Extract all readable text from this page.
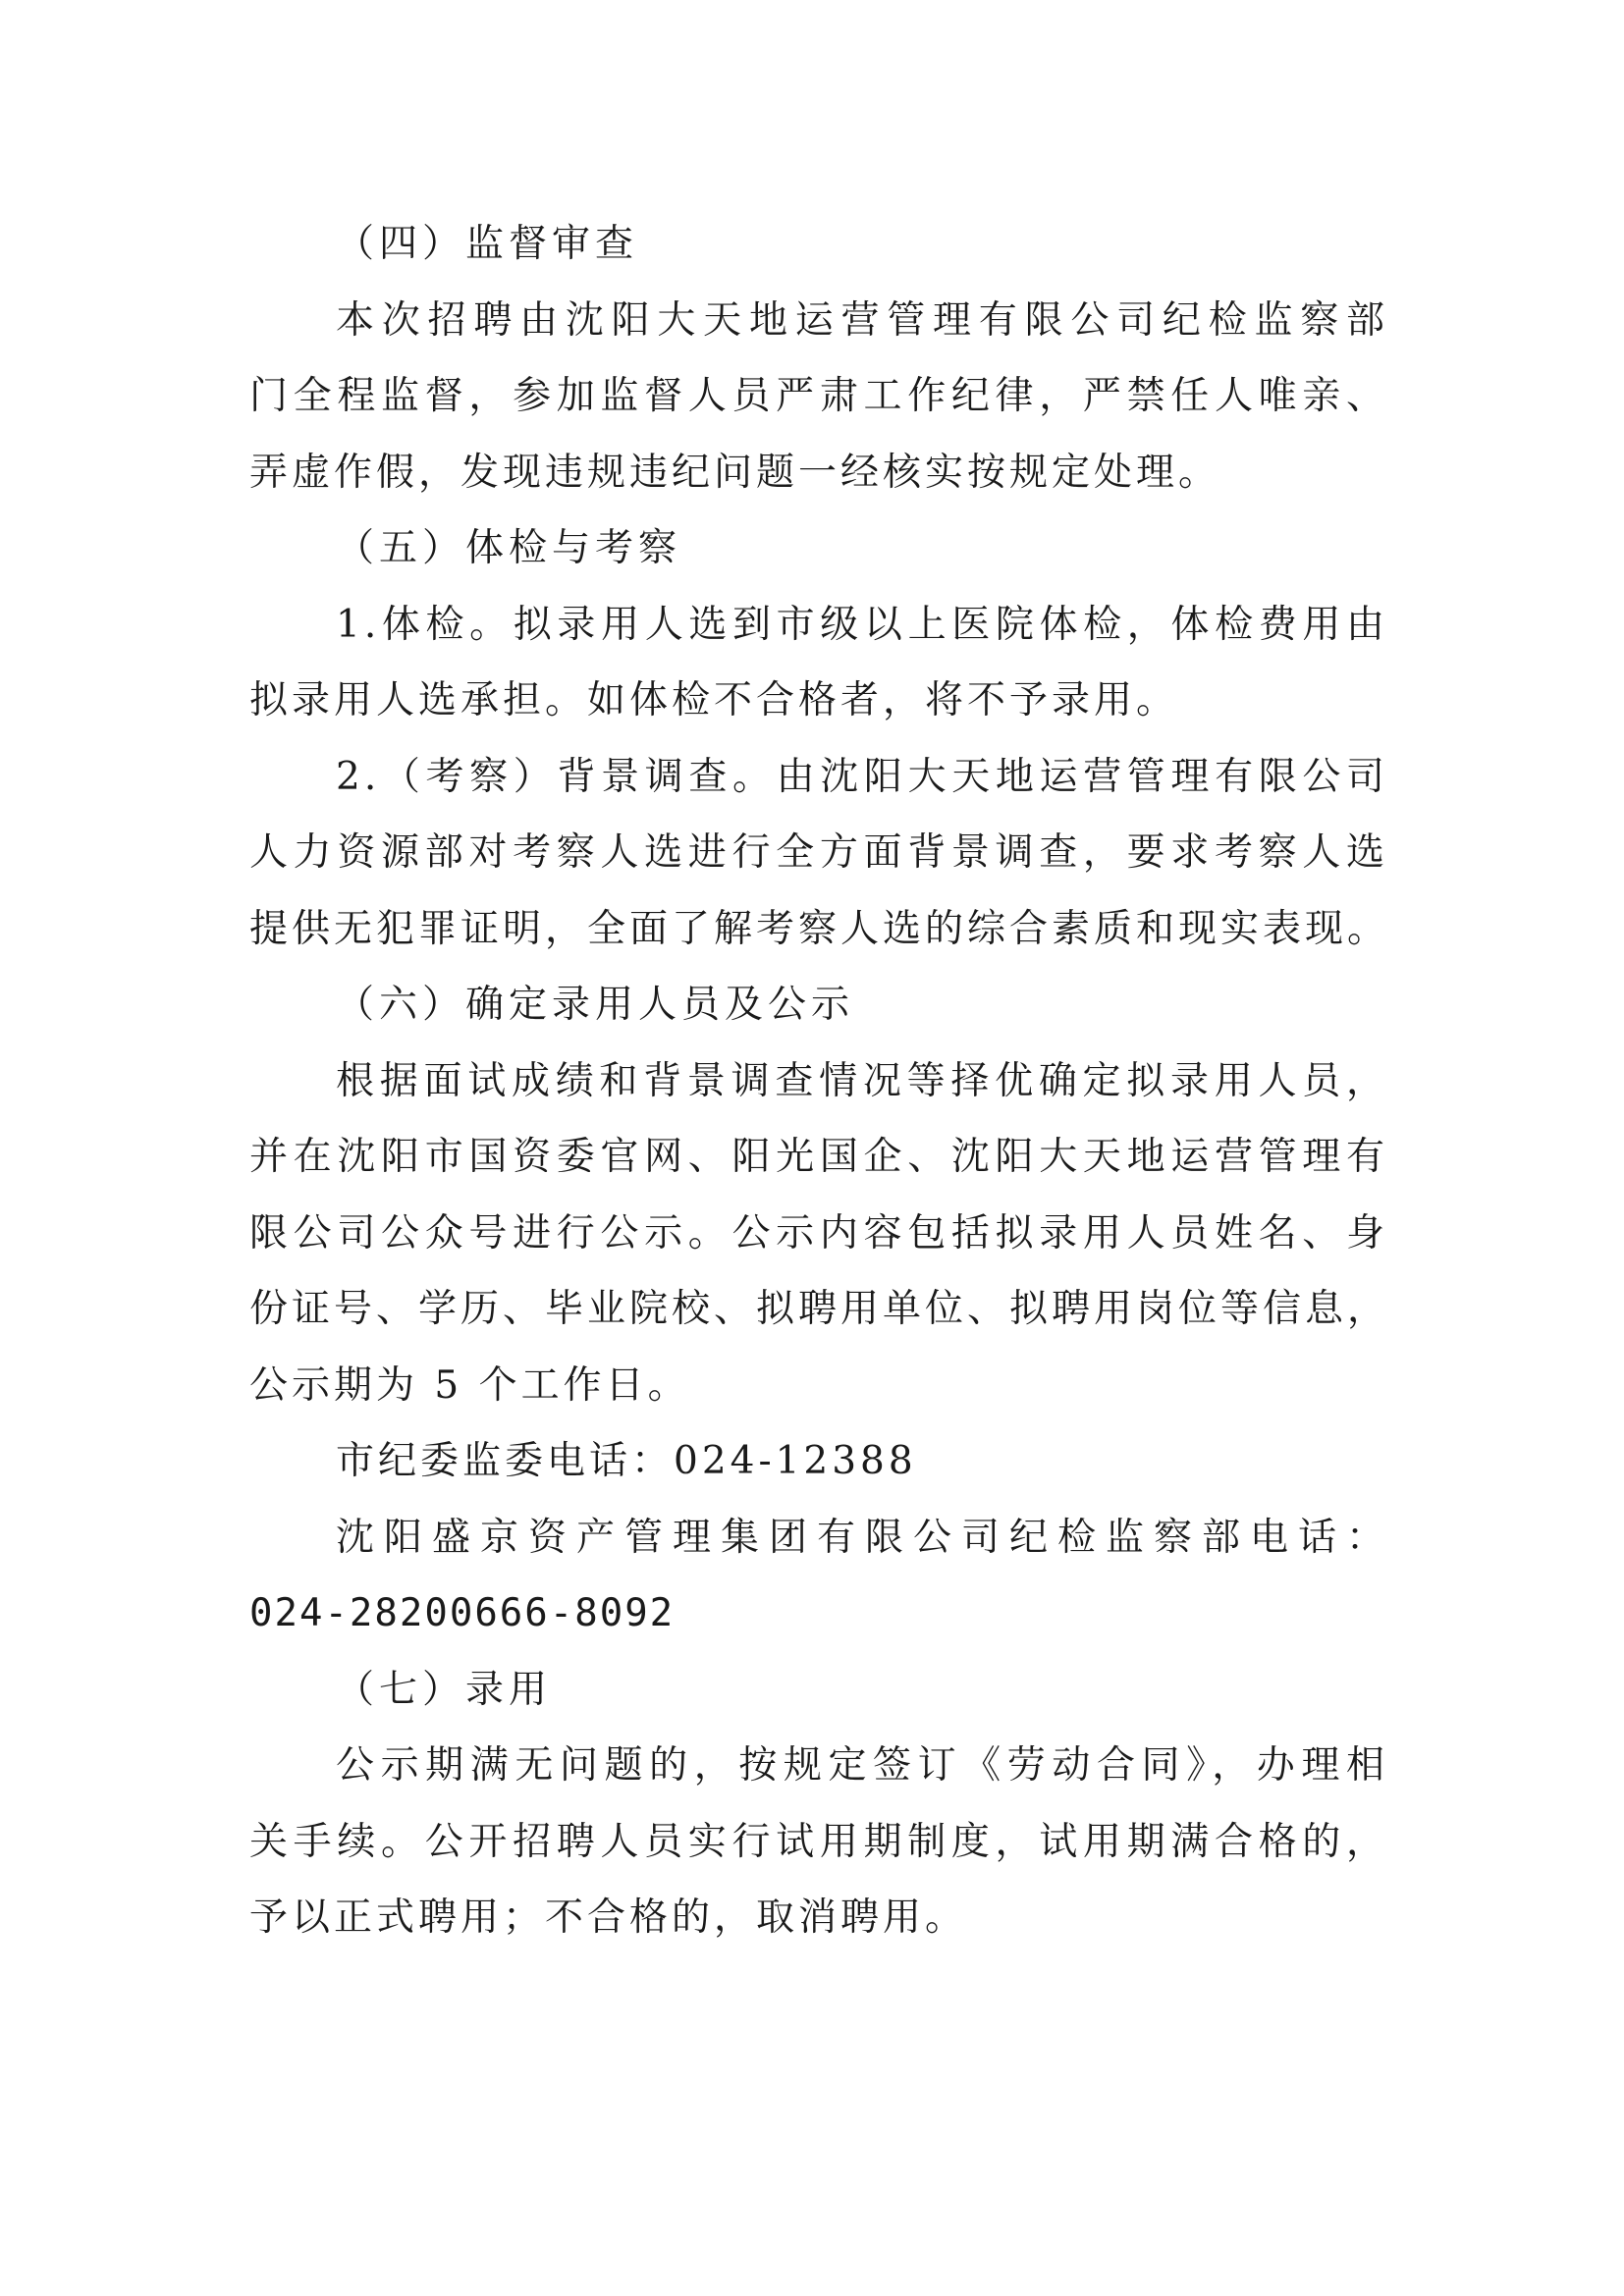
（四）监督审查
本次招聘由沈阳大天地运营管理有限公司纪检监察部
门全程监督，参加监督人员严肃工作纪律，严禁任人唯亲、
弄虚作假，发现违规违纪问题一经核实按规定处理。
（五）体检与考察
1.体检。拟录用人选到市级以上医院体检，体检费用由
拟录用人选承担。如体检不合格者，将不予录用。
2.（考察）背景调查。由沈阳大天地运营管理有限公司
人力资源部对考察人选进行全方面背景调查，要求考察人选
提供无犯罪证明，全面了解考察人选的综合素质和现实表现。
（六）确定录用人员及公示
根据面试成绩和背景调查情况等择优确定拟录用人员，
并在沈阳市国资委官网、阳光国企、沈阳大天地运营管理有
限公司公众号进行公示。公示内容包括拟录用人员姓名、身
份证号、学历、毕业院校、拟聘用单位、拟聘用岗位等信息，
公示期为 5 个工作日。
市纪委监委电话：024-12388
沈阳盛京资产管理集团有限公司纪检监察部电话：
024-28200666-8092
（七）录用
公示期满无问题的，按规定签订《劳动合同》，办理相
关手续。公开招聘人员实行试用期制度，试用期满合格的，
予以正式聘用；不合格的，取消聘用。
